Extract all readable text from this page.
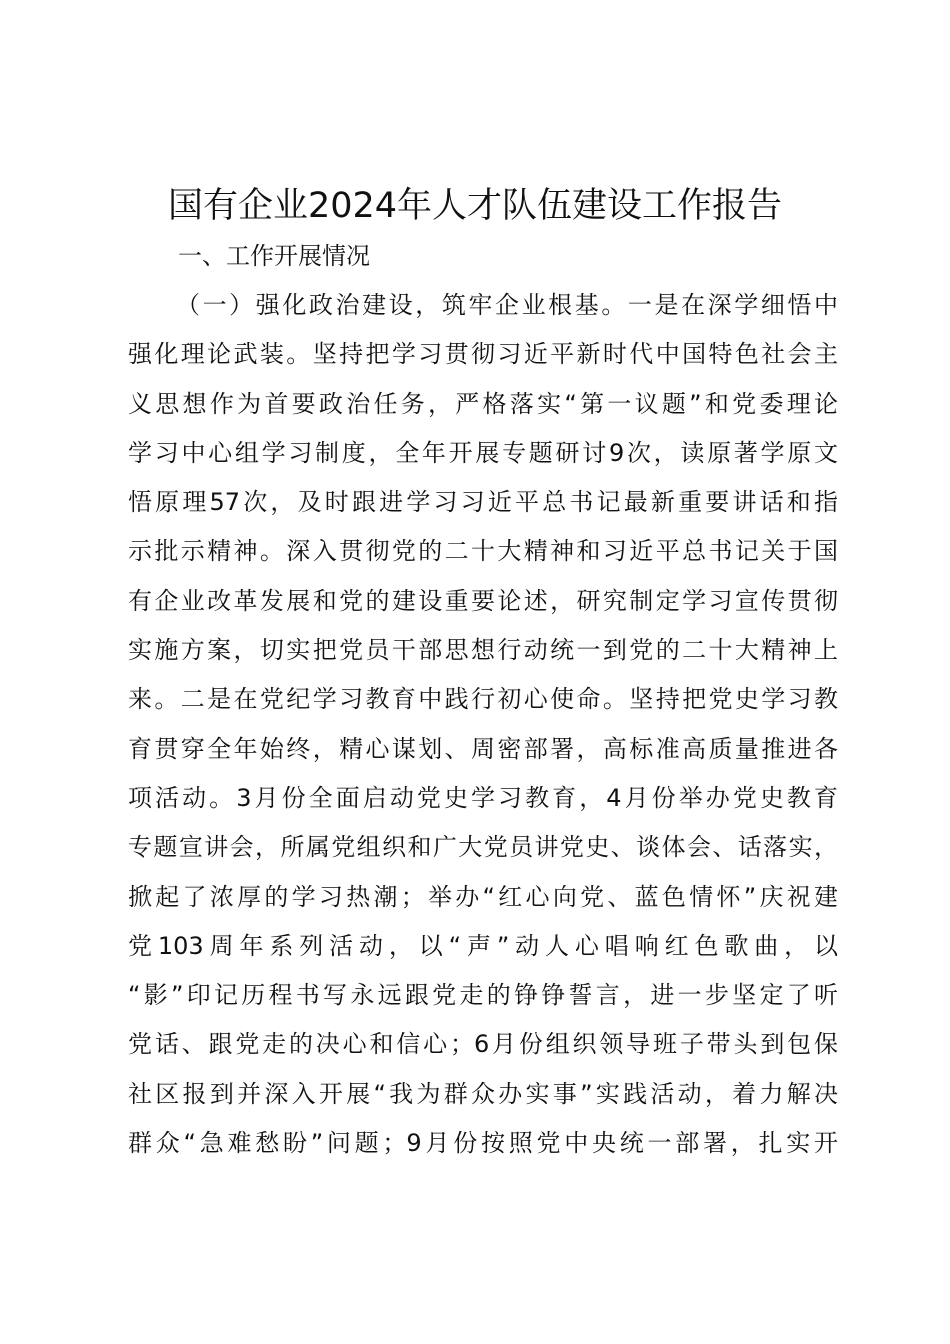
国有企业2024年人才队伍建设工作报告
一、工作开展情况
（一）强化政治建设，筑牢企业根基。一是在深学细悟中
强化理论武装。坚持把学习贯彻习近平新时代中国特色社会主
义思想作为首要政治任务，严格落实“第一议题”和党委理论
学习中心组学习制度，全年开展专题研讨9次，读原著学原文
悟原理57次，及时跟进学习习近平总书记最新重要讲话和指
示批示精神。深入贯彻党的二十大精神和习近平总书记关于国
有企业改革发展和党的建设重要论述，研究制定学习宣传贯彻
实施方案，切实把党员干部思想行动统一到党的二十大精神上
来。二是在党纪学习教育中践行初心使命。坚持把党史学习教
育贯穿全年始终，精心谋划、周密部署，高标准高质量推进各
项活动。3月份全面启动党史学习教育，4月份举办党史教育
专题宣讲会，所属党组织和广大党员讲党史、谈体会、话落实，
掀起了浓厚的学习热潮；举办“红心向党、蓝色情怀”庆祝建
党103周年系列活动，以“声”动人心唱响红色歌曲，以
“影”印记历程书写永远跟党走的铮铮誓言，进一步坚定了听
党话、跟党走的决心和信心；6月份组织领导班子带头到包保
社区报到并深入开展“我为群众办实事”实践活动，着力解决
群众“急难愁盼”问题；9月份按照党中央统一部署，扎实开
